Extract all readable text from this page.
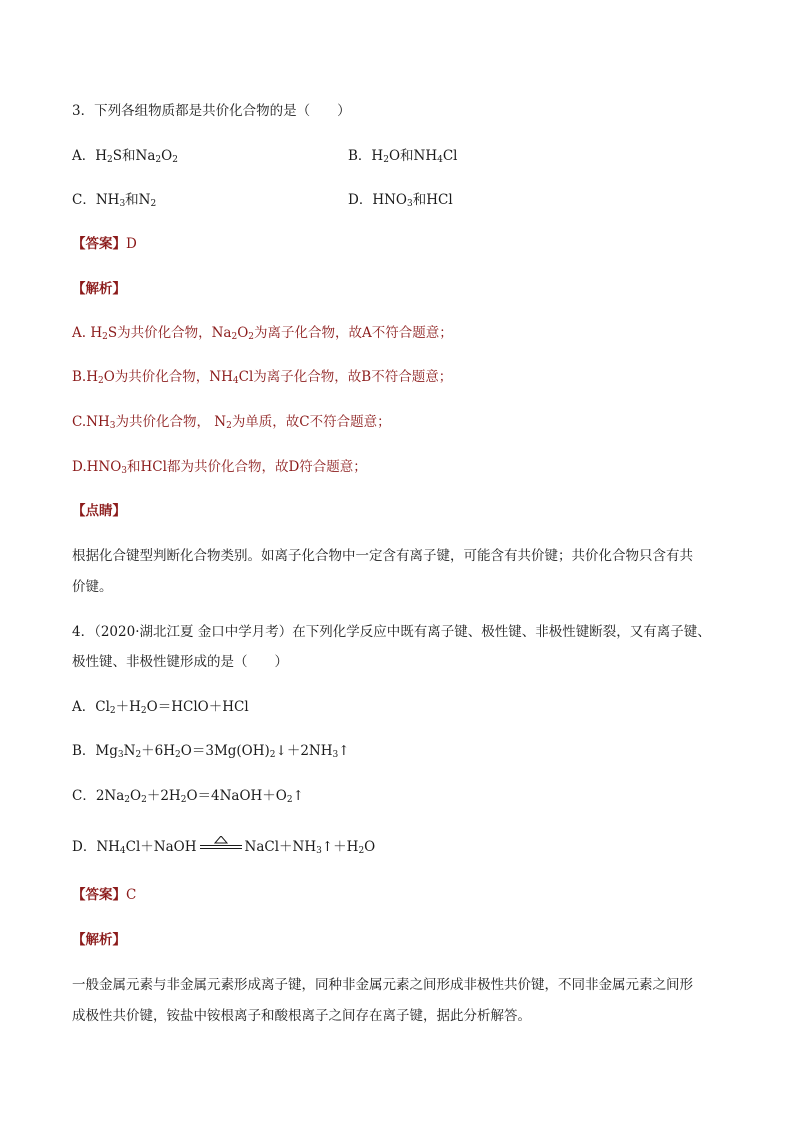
3．下列各组物质都是共价化合物的是（　　）
A．$H_2S$和$Na_2O_2$	B．$H_2O$和$NH_4Cl$
C．$NH_3$和$N_2$	D．$HNO_3$和HCl
【答案】D
【解析】
A. $H_2S$为共价化合物，$Na_2O_2$为离子化合物，故A不符合题意；
$B.H_2O$为共价化合物，$NH_4Cl$为离子化合物，故B不符合题意；
$C.NH_3$为共价化合物， $N_2$为单质，故C不符合题意；
$D.HNO_3$和HCl都为共价化合物，故D符合题意；
【点睛】
根据化合键型判断化合物类别。如离子化合物中一定含有离子键，可能含有共价键；共价化合物只含有共
价键。
4．（2020·湖北江夏 金口中学月考）在下列化学反应中既有离子键、极性键、非极性键断裂，又有离子键、
极性键、非极性键形成的是（　　）
A．$Cl_2+H_2O=HClO+HCl$
B．$Mg_3N_2+6H_2O=3Mg(OH)_2↓+2NH_3↑$
C．$2Na_2O_2+2H_2O=4NaOH+O_2↑$
D．$NH_4Cl+NaOH$	$NaCl+NH_3↑+H_2O$
【答案】C
【解析】
一般金属元素与非金属元素形成离子键，同种非金属元素之间形成非极性共价键，不同非金属元素之间形
成极性共价键，铵盐中铵根离子和酸根离子之间存在离子键，据此分析解答。
